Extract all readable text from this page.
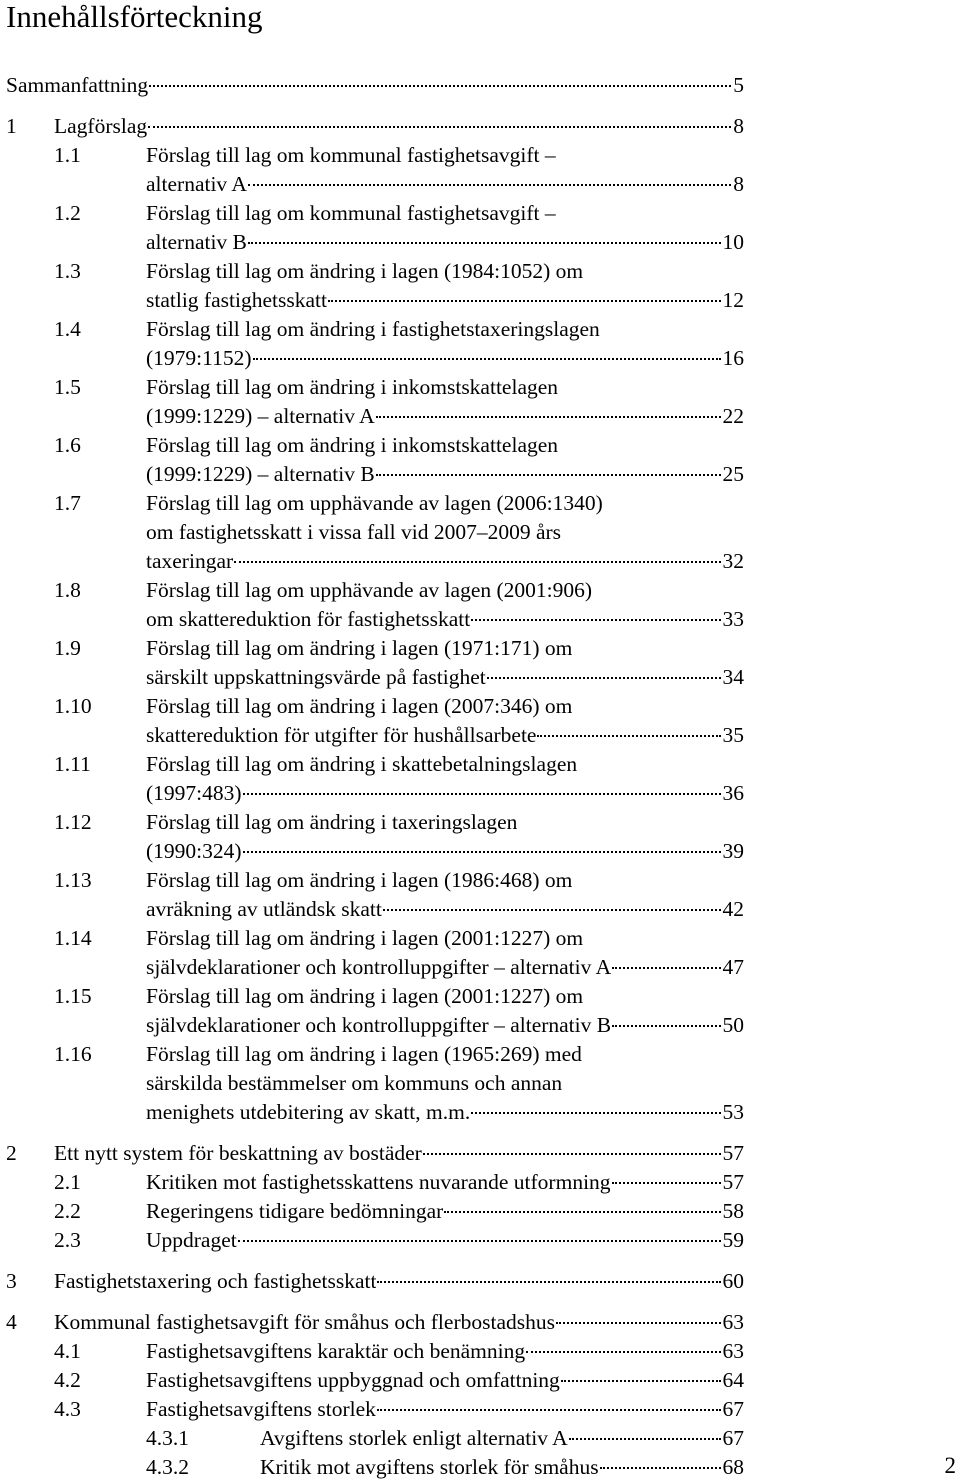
Innehållsförteckning
Sammanfattning	5
1 Lagförslag	8
1.1	Förslag till lag om kommunal fastighetsavgift –
alternativ A	8
1.2	Förslag till lag om kommunal fastighetsavgift –
alternativ B	10
1.3	Förslag till lag om ändring i lagen (1984:1052) om
statlig fastighetsskatt	12
1.4	Förslag till lag om ändring i fastighetstaxeringslagen
(1979:1152)	16
1.5	Förslag till lag om ändring i inkomstskattelagen
(1999:1229) – alternativ A	22
1.6	Förslag till lag om ändring i inkomstskattelagen
(1999:1229) – alternativ B	25
1.7	Förslag till lag om upphävande av lagen (2006:1340)
om fastighetsskatt i vissa fall vid 2007–2009 års
taxeringar	32
1.8	Förslag till lag om upphävande av lagen (2001:906)
om skattereduktion för fastighetsskatt	33
1.9	Förslag till lag om ändring i lagen (1971:171) om
särskilt uppskattningsvärde på fastighet	34
1.10	Förslag till lag om ändring i lagen (2007:346) om
skattereduktion för utgifter för hushållsarbete	35
1.11	Förslag till lag om ändring i skattebetalningslagen
(1997:483)	36
1.12	Förslag till lag om ändring i taxeringslagen
(1990:324)	39
1.13	Förslag till lag om ändring i lagen (1986:468) om
avräkning av utländsk skatt	42
1.14	Förslag till lag om ändring i lagen (2001:1227) om
självdeklarationer och kontrolluppgifter – alternativ A	47
1.15	Förslag till lag om ändring i lagen (2001:1227) om
självdeklarationer och kontrolluppgifter – alternativ B	50
1.16	Förslag till lag om ändring i lagen (1965:269) med
särskilda bestämmelser om kommuns och annan
menighets utdebitering av skatt, m.m.	53
2 Ett nytt system för beskattning av bostäder	57
2.1	Kritiken mot fastighetsskattens nuvarande utformning	57
2.2	Regeringens tidigare bedömningar	58
2.3	Uppdraget	59
3 Fastighetstaxering och fastighetsskatt	60
4 Kommunal fastighetsavgift för småhus och flerbostadshus	63
4.1	Fastighetsavgiftens karaktär och benämning	63
4.2	Fastighetsavgiftens uppbyggnad och omfattning	64
4.3	Fastighetsavgiftens storlek	67
4.3.1	Avgiftens storlek enligt alternativ A	67
4.3.2	Kritik mot avgiftens storlek för småhus	68	2
